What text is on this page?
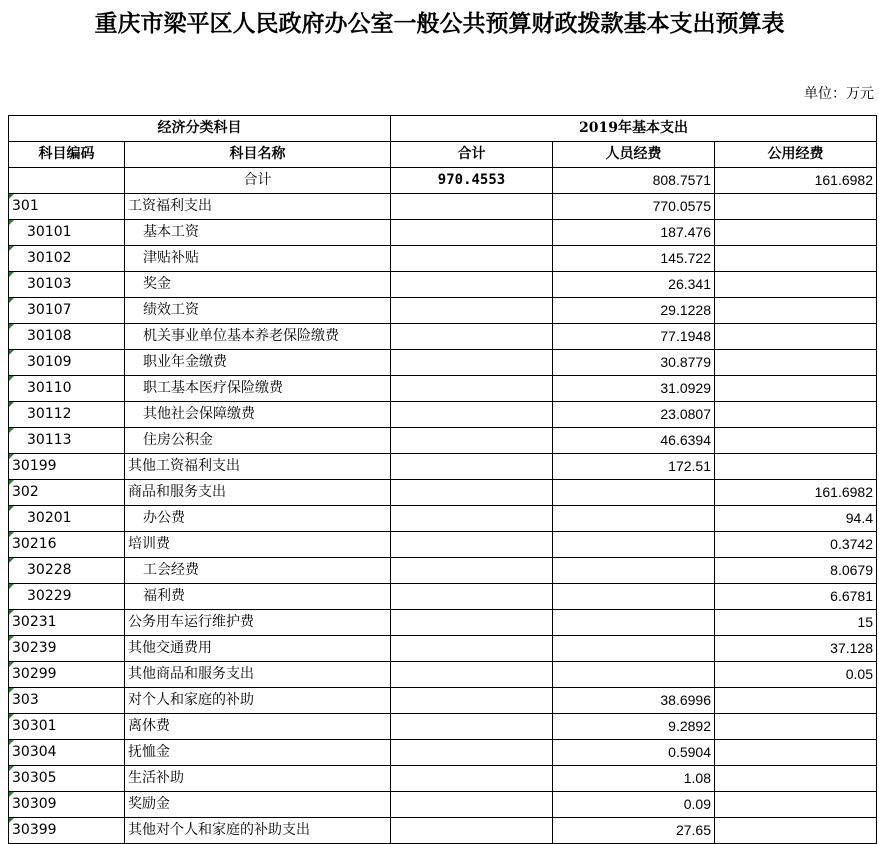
重庆市梁平区人民政府办公室一般公共预算财政拨款基本支出预算表
单位：万元
经济分类科目		2019年基本支出		
科目编码	科目名称	合计	人员经费	公用经费
	合计	970.4553	808.7571	161.6982

301	工资福利支出		770.0575	

30101	基本工资		187.476	

30102	津贴补贴		145.722	

30103	奖金		26.341	

30107	绩效工资		29.1228	

30108	机关事业单位基本养老保险缴费		77.1948	

30109	职业年金缴费		30.8779	

30110	职工基本医疗保险缴费		31.0929	

30112	其他社会保障缴费		23.0807	

30113	住房公积金		46.6394	

30199	其他工资福利支出		172.51	

302	商品和服务支出			161.6982

30201	办公费			94.4

30216	培训费			0.3742

30228	工会经费			8.0679

30229	福利费			6.6781

30231	公务用车运行维护费			15

30239	其他交通费用			37.128

30299	其他商品和服务支出			0.05

303	对个人和家庭的补助		38.6996	

30301	离休费		9.2892	

30304	抚恤金		0.5904	

30305	生活补助		1.08	

30309	奖励金		0.09	

30399	其他对个人和家庭的补助支出		27.65	
